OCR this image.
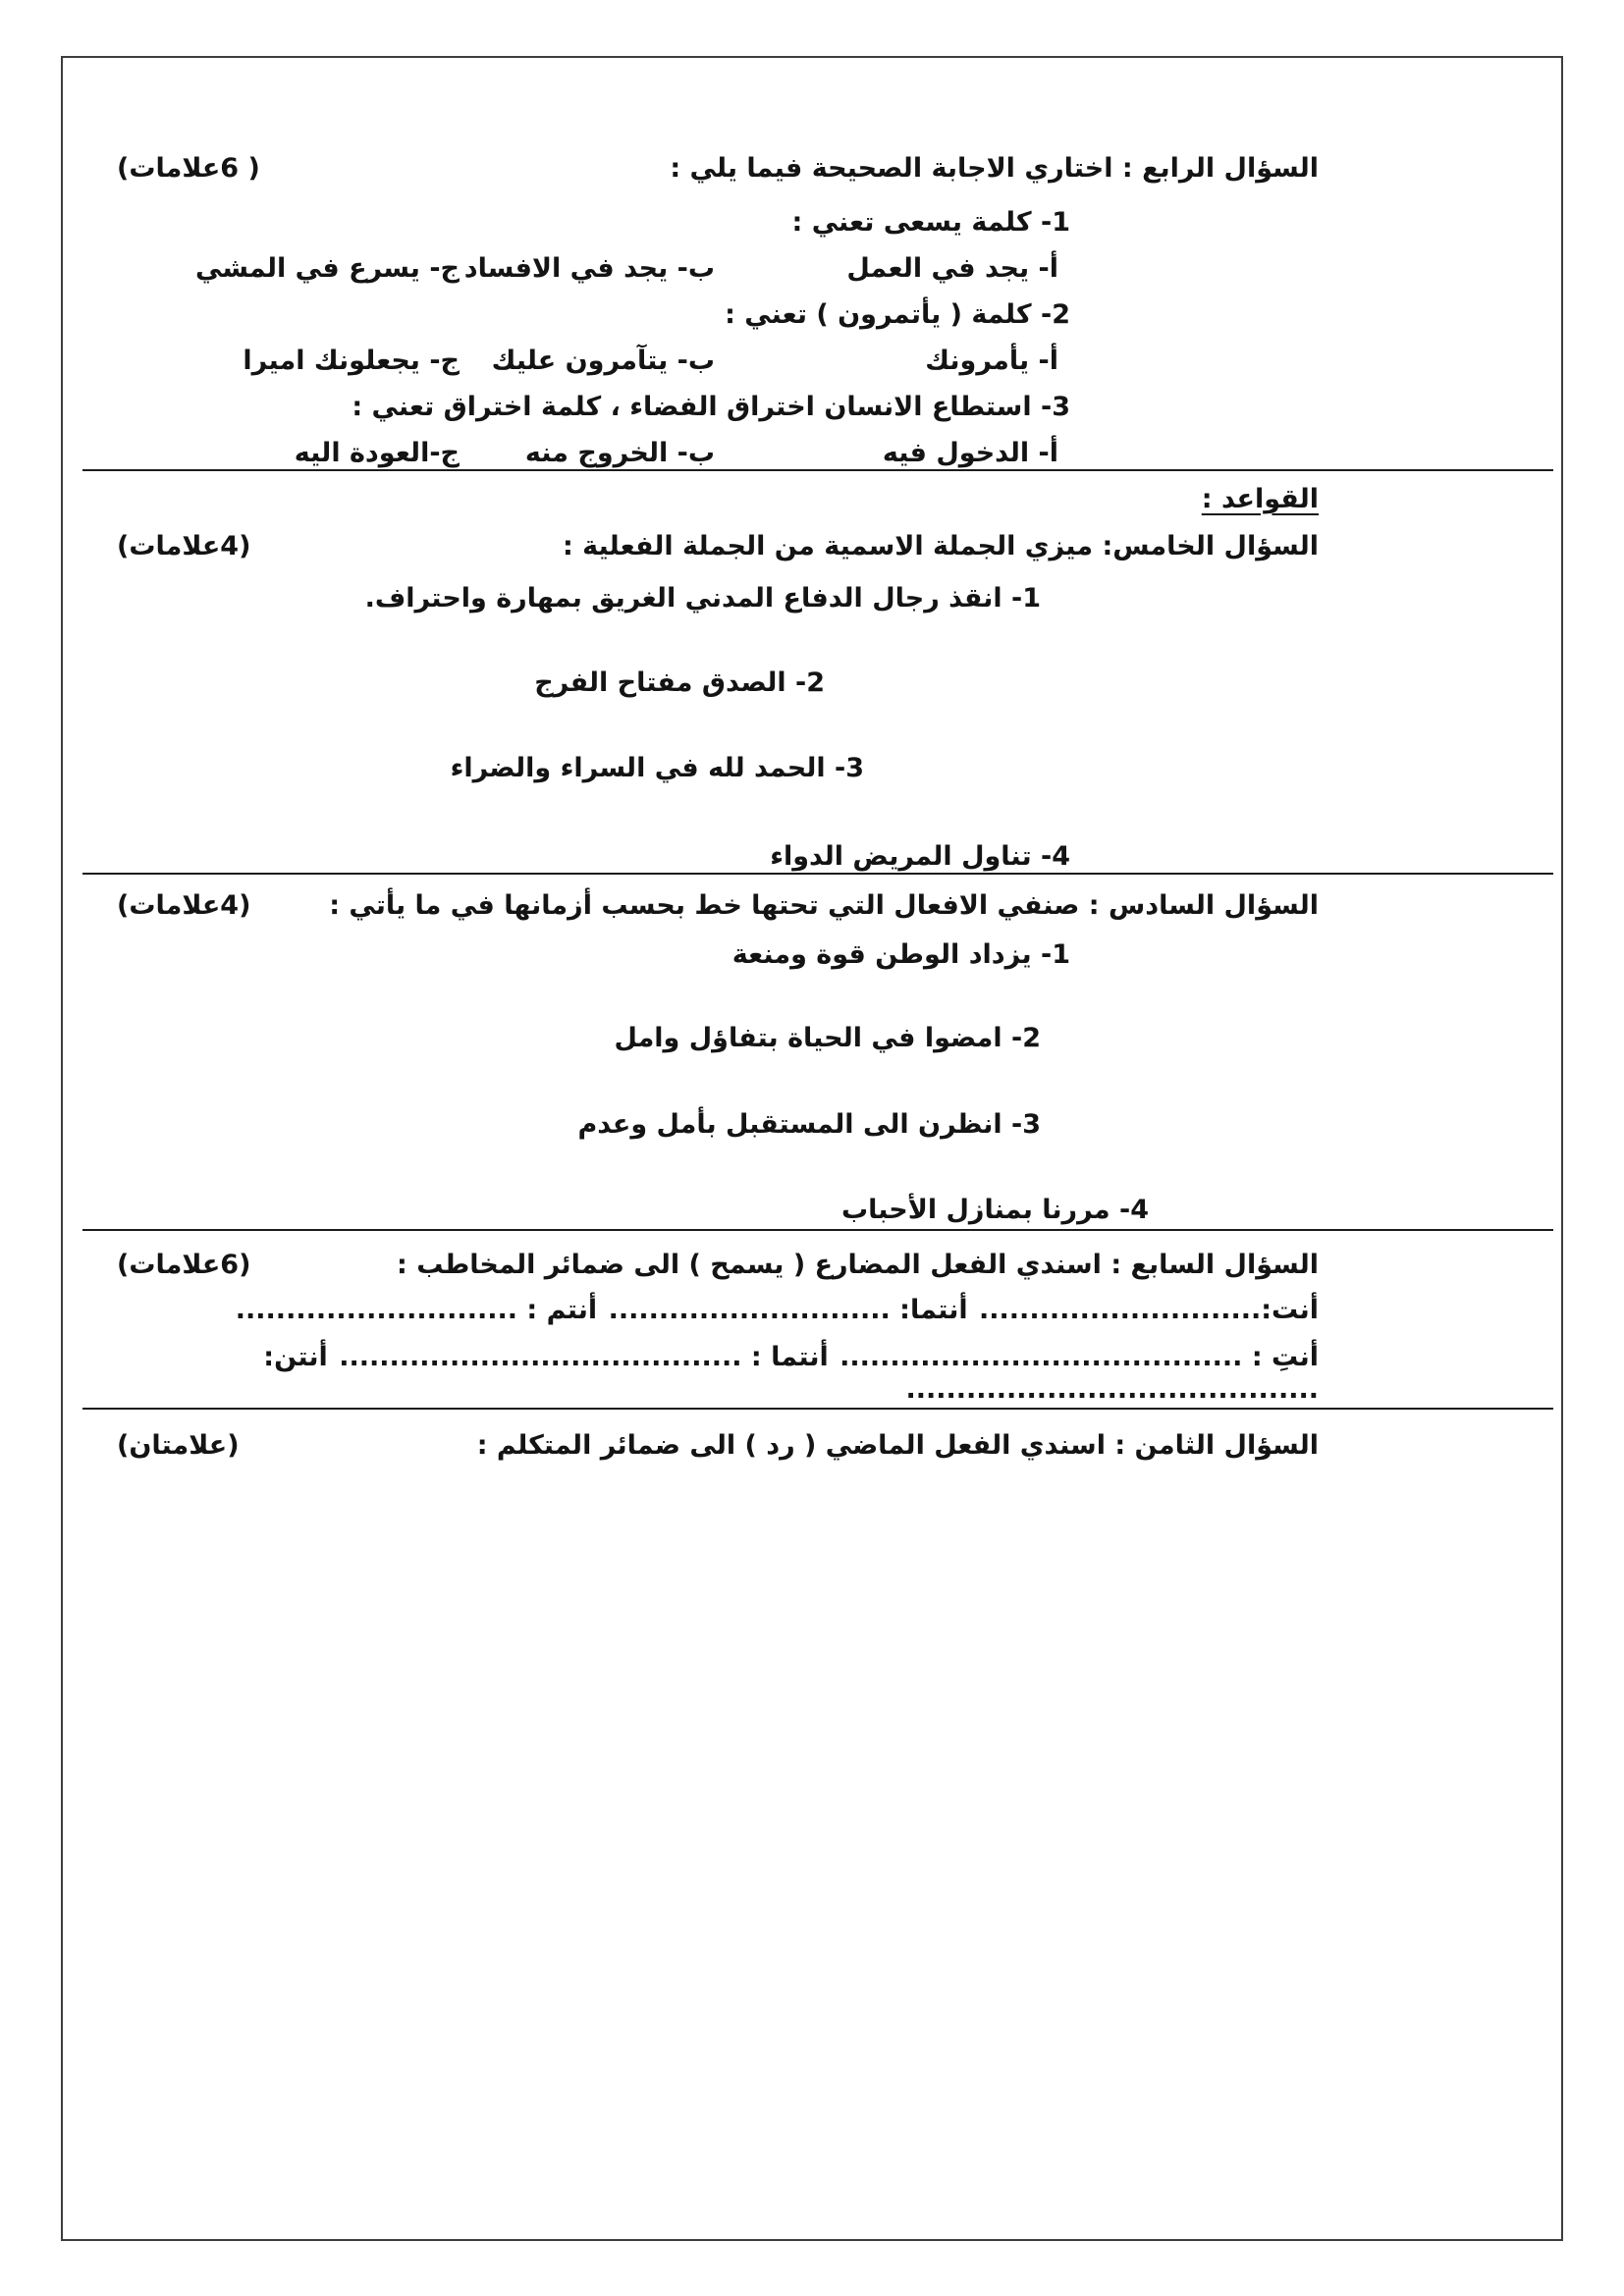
السؤال الرابع : اختاري الاجابة الصحيحة فيما يلي :
( 6علامات)
1- كلمة يسعى تعني :
أ- يجد في العمل
ب- يجد في الافساد
ج- يسرع في المشي
2- كلمة ( يأتمرون ) تعني :
أ- يأمرونك
ب- يتآمرون عليك
ج- يجعلونك اميرا
3- استطاع الانسان اختراق الفضاء ، كلمة اختراق تعني :
أ- الدخول فيه
ب- الخروج منه
ج-العودة اليه
القواعد :
السؤال الخامس: ميزي الجملة الاسمية من الجملة الفعلية :
(4علامات)
1- انقذ رجال الدفاع المدني الغريق بمهارة واحتراف.
2- الصدق مفتاح الفرج
3- الحمد لله في السراء والضراء
4- تناول المريض الدواء
السؤال السادس : صنفي الافعال التي تحتها خط بحسب أزمانها في ما يأتي :
(4علامات)
1- يزداد الوطن قوة ومنعة
2- امضوا في الحياة بتفاؤل وامل
3- انظرن الى المستقبل بأمل وعدم
4- مررنا بمنازل الأحباب
السؤال السابع : اسندي الفعل المضارع ( يسمح ) الى ضمائر المخاطب :
(6علامات)
أنت:............................ أنتما: ............................ أنتم : ............................
أنتِ : ........................................ أنتما : ........................................ أنتن: .........................................
السؤال الثامن : اسندي الفعل الماضي ( رد ) الى ضمائر المتكلم :
(علامتان)
